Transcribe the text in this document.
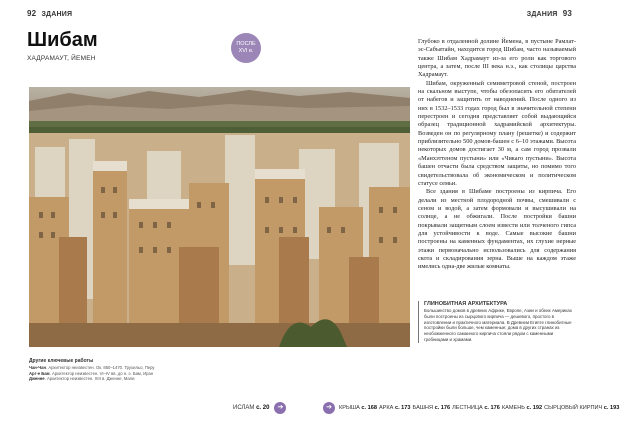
92 ЗДАНИЯ	ЗДАНИЯ 93
Шибам
ХАДРАМАУТ, ЙЕМЕН
ПОСЛЕ
XVI в.

Глубоко в отдаленной долине Йемена, в пустыне Рамлат-эс-Сабъятайн, находится город Шибам, часто называемый также Шибам Хадрамаут из-за его роли как торгового центра, а затем, после III века н.э., как столицы царства Хадрамаут.

Шибам, окруженный семиметровой стеной, построен на скальном выступе, чтобы обезопасить его обитателей от набегов и защитить от наводнений. После одного из них в 1532–1533 годах город был в значительной степени перестроен и сегодня представляет собой выдающийся образец традиционной хадрамийской архитектуры. Возведен он по регулярному плану (решетке) и содержит приблизительно 500 домов-башен с 6–10 этажами. Высота некоторых домов достигает 30 м, а сам город прозвали «Манхэттеном пустыни» или «Чикаго пустыни». Высота башен отчасти была средством защиты, но помимо того свидетельствовала об экономическом и политическом статусе семьи.

Все здания в Шибаме построены из кирпича. Его делали из местной плодородной почвы, смешивали с сеном и водой, а затем формовали и высушивали на солнце, а не обжигали. После постройки башни покрывали защитным слоем извести или толченого гипса для устойчивости к воде. Самые высокие башни построены на каменных фундаментах, их глухие нерные этажи первоначально использовались для содержания скота и складирования зерна. Выше на каждом этаже имелись одна-две жилые комнаты.

ГЛИНОБИТНАЯ АРХИТЕКТУРА
Большинство домов в древних Африке, Европе, Азии и обеих Америках были построены из сырцового кирпича — дешевого, простого в изготовлении и практичного материала. В Древнем Египте глинобитные постройки были больше, чем каменные; дома в других странах из необожженного саманного кирпича стояли рядом с каменными гробницами и храмами.
Другие ключевые работы
Чан-Чан. Архитектор неизвестен. Ок. 850–1470. Трухильо, Перу
Арг-е Бам. Архитектор неизвестен. VI–IV вв. до н. э. Бам, Иран
Дженне. Архитектор неизвестен. XIII в. Дженне, Мали
ИСЛАМ
с. 20	➔	➔	КРЫША с. 168 АРКА с. 173 БАШНЯ с. 176 ЛЕСТНИЦА с. 176 КАМЕНЬ с. 192 СЫРЦОВЫЙ КИРПИЧ с. 193
